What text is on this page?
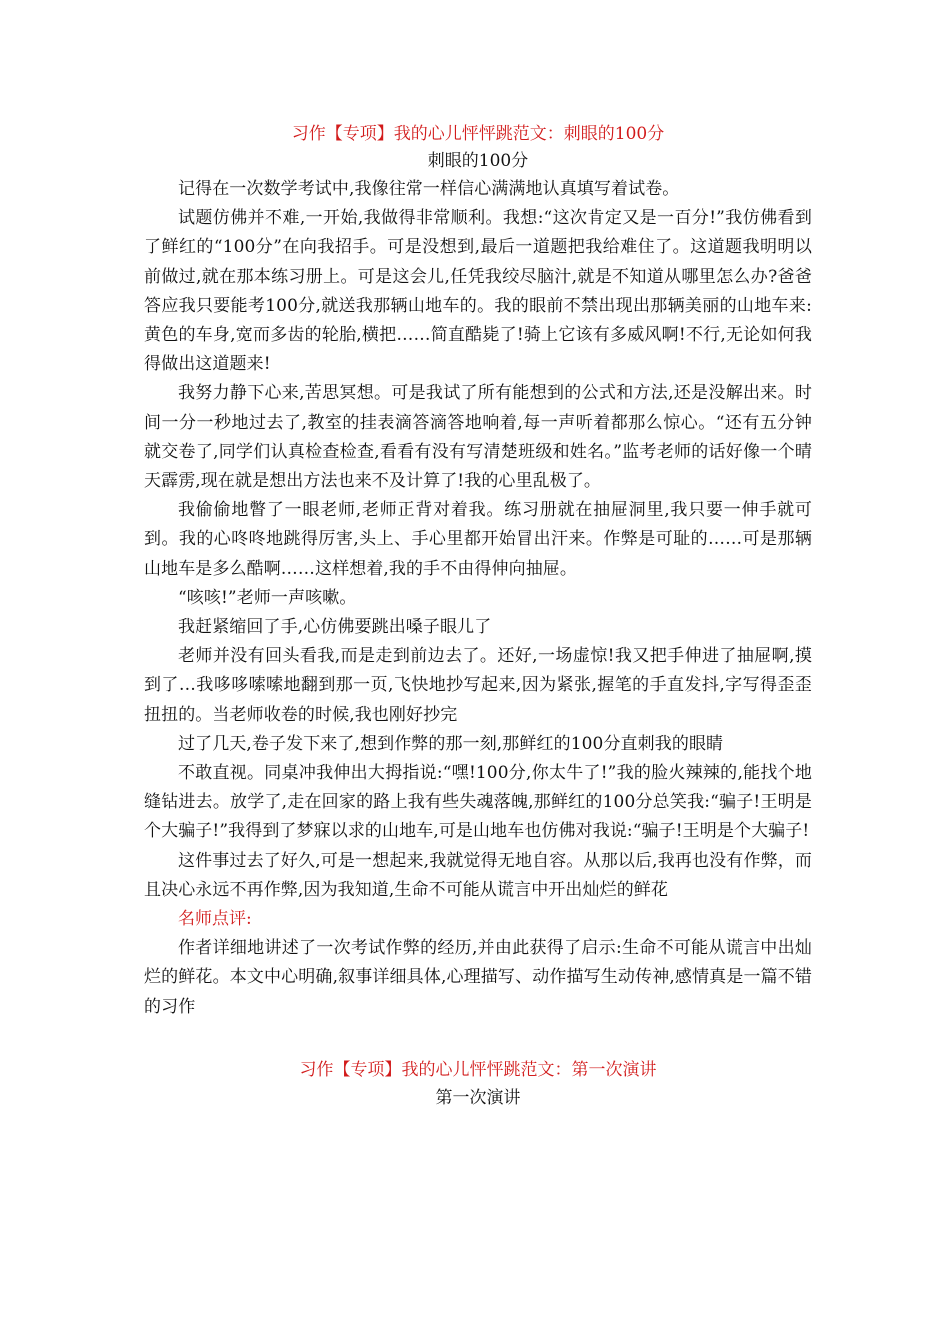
习作【专项】我的心儿怦怦跳范文：刺眼的100分
刺眼的100分

记得在一次数学考试中,我像往常一样信心满满地认真填写着试卷。

试题仿佛并不难,一开始,我做得非常顺利。我想:“这次肯定又是一百分!”我仿佛看到了鲜红的“100分”在向我招手。可是没想到,最后一道题把我给难住了。这道题我明明以前做过,就在那本练习册上。可是这会儿,任凭我绞尽脑汁,就是不知道从哪里怎么办?爸爸答应我只要能考100分,就送我那辆山地车的。我的眼前不禁出现出那辆美丽的山地车来:黄色的车身,宽而多齿的轮胎,横把……简直酷毙了!骑上它该有多威风啊!不行,无论如何我得做出这道题来!

我努力静下心来,苦思冥想。可是我试了所有能想到的公式和方法,还是没解出来。时间一分一秒地过去了,教室的挂表滴答滴答地响着,每一声听着都那么惊心。“还有五分钟就交卷了,同学们认真检查检查,看看有没有写清楚班级和姓名。”监考老师的话好像一个晴天霹雳,现在就是想出方法也来不及计算了!我的心里乱极了。

我偷偷地瞥了一眼老师,老师正背对着我。练习册就在抽屉洞里,我只要一伸手就可到。我的心咚咚地跳得厉害,头上、手心里都开始冒出汗来。作弊是可耻的……可是那辆山地车是多么酷啊……这样想着,我的手不由得伸向抽屉。

“咳咳!”老师一声咳嗽。

我赶紧缩回了手,心仿佛要跳出嗓子眼儿了

老师并没有回头看我,而是走到前边去了。还好,一场虚惊!我又把手伸进了抽屉啊,摸到了…我哆哆嗦嗦地翻到那一页,飞快地抄写起来,因为紧张,握笔的手直发抖,字写得歪歪扭扭的。当老师收卷的时候,我也刚好抄完

过了几天,卷子发下来了,想到作弊的那一刻,那鲜红的100分直刺我的眼睛

不敢直视。同桌冲我伸出大拇指说:“嘿!100分,你太牛了!”我的脸火辣辣的,能找个地缝钻进去。放学了,走在回家的路上我有些失魂落魄,那鲜红的100分总笑我:“骗子!王明是个大骗子!”我得到了梦寐以求的山地车,可是山地车也仿佛对我说:“骗子!王明是个大骗子!

这件事过去了好久,可是一想起来,我就觉得无地自容。从那以后,我再也没有作弊，而且决心永远不再作弊,因为我知道,生命不可能从谎言中开出灿烂的鲜花

名师点评:

作者详细地讲述了一次考试作弊的经历,并由此获得了启示:生命不可能从谎言中出灿烂的鲜花。本文中心明确,叙事详细具体,心理描写、动作描写生动传神,感情真是一篇不错的习作

习作【专项】我的心儿怦怦跳范文：第一次演讲
第一次演讲
